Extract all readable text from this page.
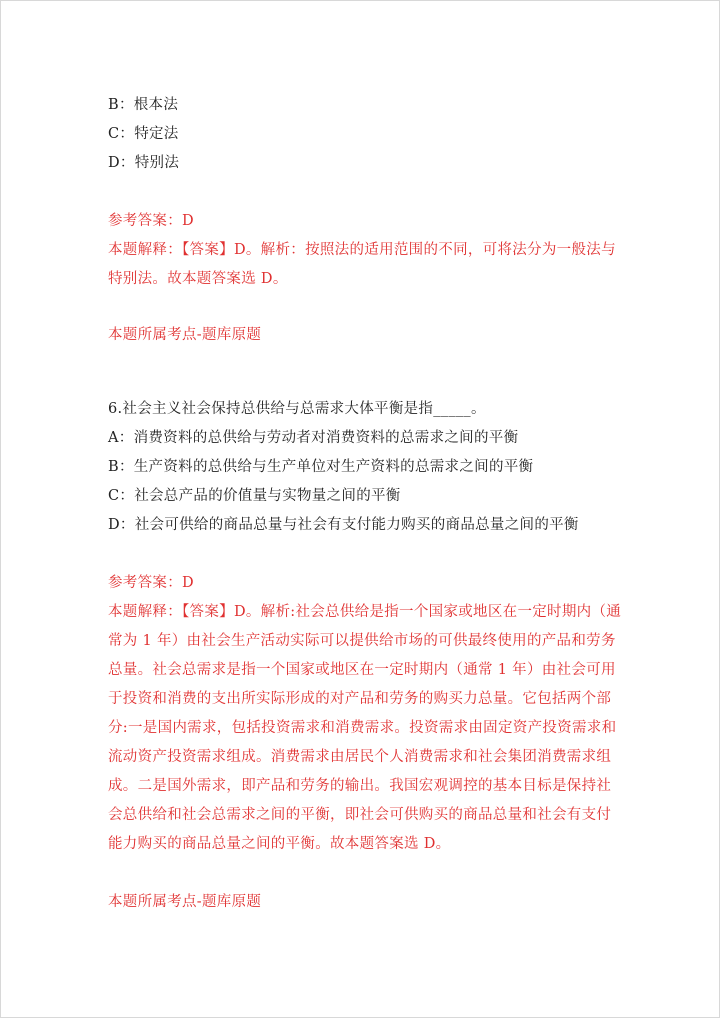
B：根本法
C：特定法
D：特别法
参考答案：D
本题解释：【答案】D。解析：按照法的适用范围的不同，可将法分为一般法与
特别法。故本题答案选 D。
本题所属考点-题库原题
6.社会主义社会保持总供给与总需求大体平衡是指_____。
A：消费资料的总供给与劳动者对消费资料的总需求之间的平衡
B：生产资料的总供给与生产单位对生产资料的总需求之间的平衡
C：社会总产品的价值量与实物量之间的平衡
D：社会可供给的商品总量与社会有支付能力购买的商品总量之间的平衡
参考答案：D
本题解释：【答案】D。解析:社会总供给是指一个国家或地区在一定时期内（通
常为 1 年）由社会生产活动实际可以提供给市场的可供最终使用的产品和劳务
总量。社会总需求是指一个国家或地区在一定时期内（通常 1 年）由社会可用
于投资和消费的支出所实际形成的对产品和劳务的购买力总量。它包括两个部
分:一是国内需求，包括投资需求和消费需求。投资需求由固定资产投资需求和
流动资产投资需求组成。消费需求由居民个人消费需求和社会集团消费需求组
成。二是国外需求，即产品和劳务的输出。我国宏观调控的基本目标是保持社
会总供给和社会总需求之间的平衡，即社会可供购买的商品总量和社会有支付
能力购买的商品总量之间的平衡。故本题答案选 D。
本题所属考点-题库原题
